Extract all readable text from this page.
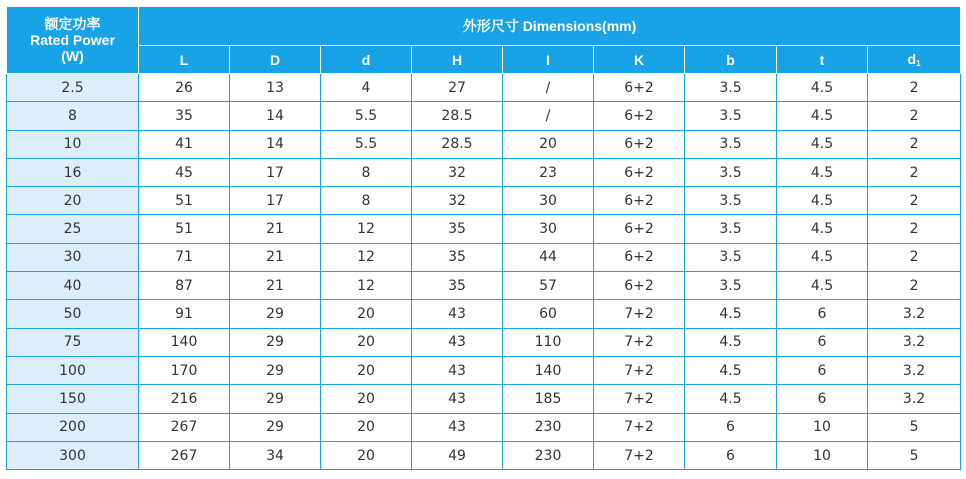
额定功率
Rated Power
(W)	外形尺寸 Dimensions(mm)								
	L	D	d	H	I	K	b	t	$d_1$
2.5	26	13	4	27	/	6+2	3.5	4.5	2
8	35	14	5.5	28.5	/	6+2	3.5	4.5	2
10	41	14	5.5	28.5	20	6+2	3.5	4.5	2
16	45	17	8	32	23	6+2	3.5	4.5	2
20	51	17	8	32	30	6+2	3.5	4.5	2
25	51	21	12	35	30	6+2	3.5	4.5	2
30	71	21	12	35	44	6+2	3.5	4.5	2
40	87	21	12	35	57	6+2	3.5	4.5	2
50	91	29	20	43	60	7+2	4.5	6	3.2
75	140	29	20	43	110	7+2	4.5	6	3.2
100	170	29	20	43	140	7+2	4.5	6	3.2
150	216	29	20	43	185	7+2	4.5	6	3.2
200	267	29	20	43	230	7+2	6	10	5
300	267	34	20	49	230	7+2	6	10	5
